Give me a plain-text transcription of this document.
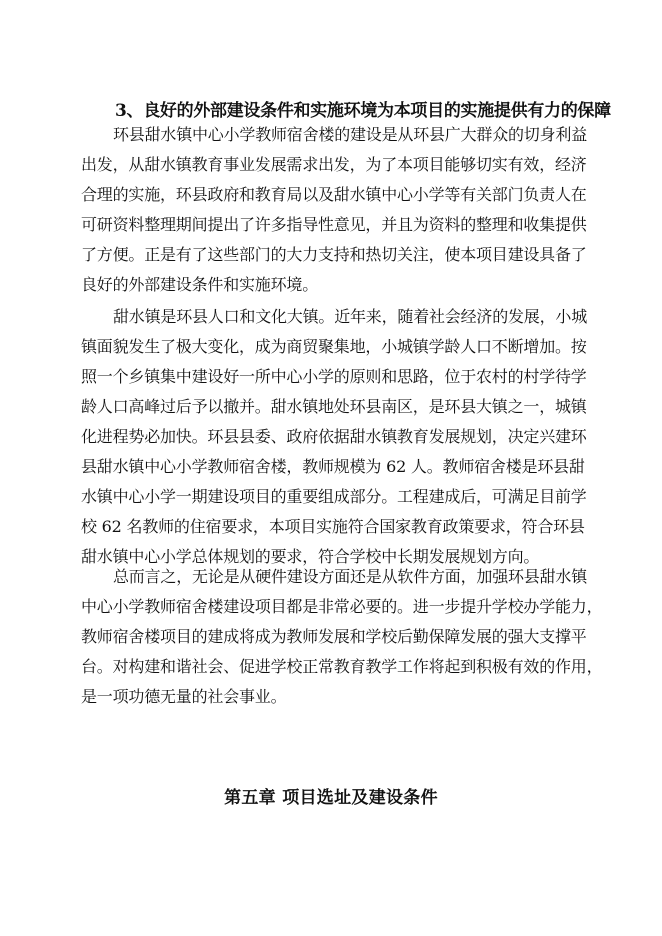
3、良好的外部建设条件和实施环境为本项目的实施提供有力的保障
环县甜水镇中心小学教师宿舍楼的建设是从环县广大群众的切身利益
出发，从甜水镇教育事业发展需求出发，为了本项目能够切实有效，经济
合理的实施，环县政府和教育局以及甜水镇中心小学等有关部门负责人在
可研资料整理期间提出了许多指导性意见，并且为资料的整理和收集提供
了方便。正是有了这些部门的大力支持和热切关注，使本项目建设具备了
良好的外部建设条件和实施环境。
甜水镇是环县人口和文化大镇。近年来，随着社会经济的发展，小城
镇面貌发生了极大变化，成为商贸聚集地，小城镇学龄人口不断增加。按
照一个乡镇集中建设好一所中心小学的原则和思路，位于农村的村学待学
龄人口高峰过后予以撤并。甜水镇地处环县南区，是环县大镇之一，城镇
化进程势必加快。环县县委、政府依据甜水镇教育发展规划，决定兴建环
县甜水镇中心小学教师宿舍楼，教师规模为 62 人。教师宿舍楼是环县甜
水镇中心小学一期建设项目的重要组成部分。工程建成后，可满足目前学
校 62 名教师的住宿要求，本项目实施符合国家教育政策要求，符合环县
甜水镇中心小学总体规划的要求，符合学校中长期发展规划方向。
总而言之，无论是从硬件建设方面还是从软件方面，加强环县甜水镇
中心小学教师宿舍楼建设项目都是非常必要的。进一步提升学校办学能力，
教师宿舍楼项目的建成将成为教师发展和学校后勤保障发展的强大支撑平
台。对构建和谐社会、促进学校正常教育教学工作将起到积极有效的作用，
是一项功德无量的社会事业。
第五章 项目选址及建设条件
